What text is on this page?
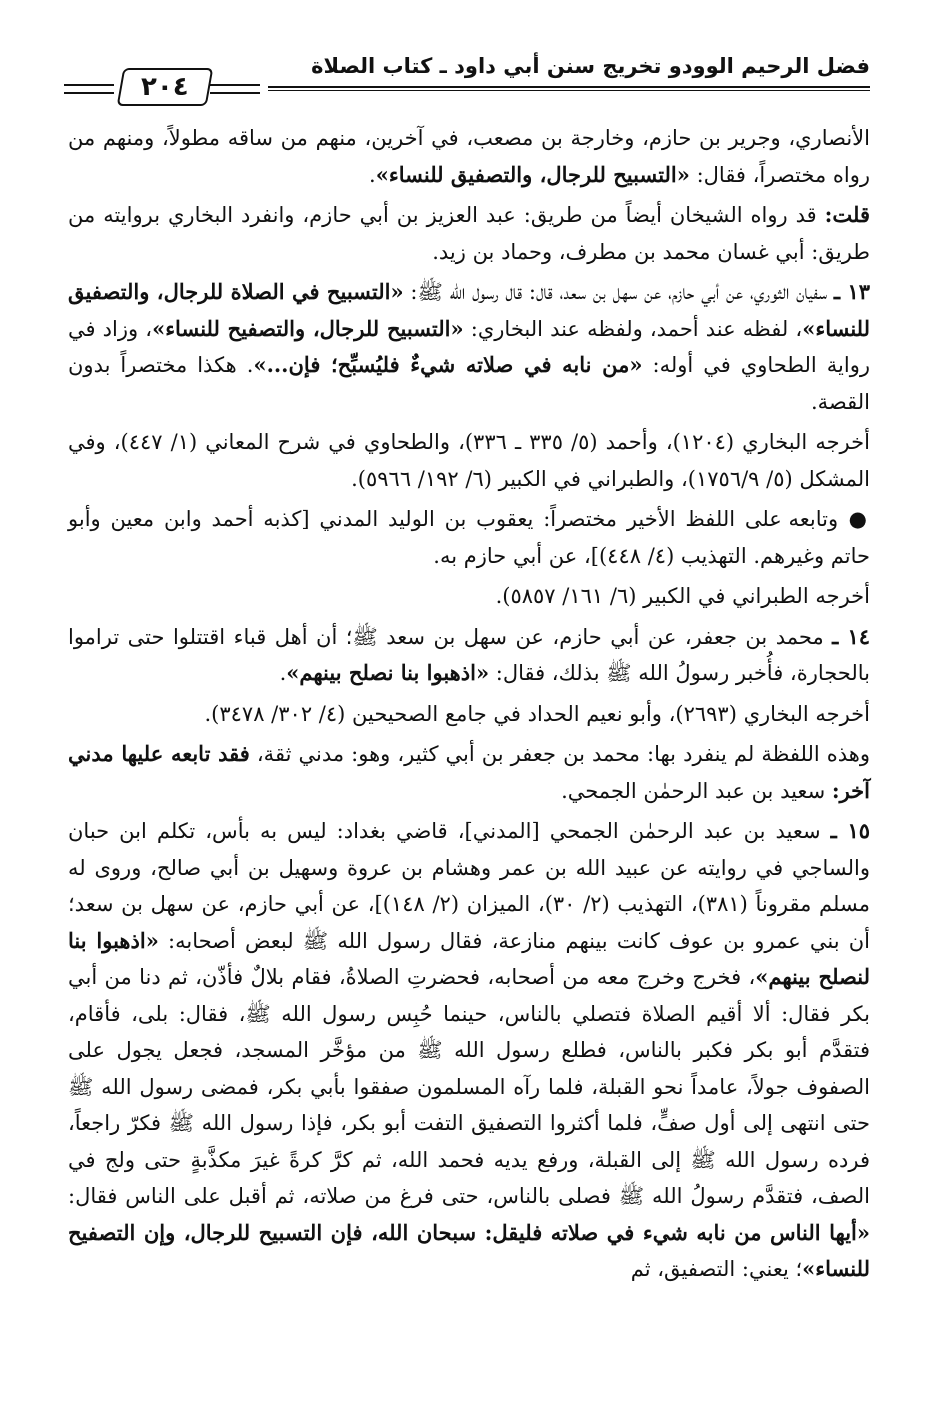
فضل الرحيم الوودو تخريج سنن أبي داود ـ كتاب الصلاة
٢٠٤

الأنصاري، وجرير بن حازم، وخارجة بن مصعب، في آخرين، منهم من ساقه مطولاً، ومنهم من رواه مختصراً، فقال: «التسبيح للرجال، والتصفيق للنساء».

قلت: قد رواه الشيخان أيضاً من طريق: عبد العزيز بن أبي حازم، وانفرد البخاري بروايته من طريق: أبي غسان محمد بن مطرف، وحماد بن زيد.

١٣ ـ سفيان الثوري، عن أبي حازم، عن سهل بن سعد، قال: قال رسول الله ﷺ: «التسبيح في الصلاة للرجال، والتصفيق للنساء»، لفظه عند أحمد، ولفظه عند البخاري: «التسبيح للرجال، والتصفيح للنساء»، وزاد في رواية الطحاوي في أوله: «من نابه في صلاته شيءٌ فليُسبِّح؛ فإن...». هكذا مختصراً بدون القصة.

أخرجه البخاري (١٢٠٤)، وأحمد (٥/ ٣٣٥ ـ ٣٣٦)، والطحاوي في شرح المعاني (١/ ٤٤٧)، وفي المشكل (٥/ ١٧٥٦/٩)، والطبراني في الكبير (٦/ ١٩٢/ ٥٩٦٦).

● وتابعه على اللفظ الأخير مختصراً: يعقوب بن الوليد المدني [كذبه أحمد وابن معين وأبو حاتم وغيرهم. التهذيب (٤/ ٤٤٨)]، عن أبي حازم به.

أخرجه الطبراني في الكبير (٦/ ١٦١/ ٥٨٥٧).

١٤ ـ محمد بن جعفر، عن أبي حازم، عن سهل بن سعد ﷺ؛ أن أهل قباء اقتتلوا حتى تراموا بالحجارة، فأُخبر رسولُ الله ﷺ بذلك، فقال: «اذهبوا بنا نصلح بينهم».

أخرجه البخاري (٢٦٩٣)، وأبو نعيم الحداد في جامع الصحيحين (٤/ ٣٠٢/ ٣٤٧٨).

وهذه اللفظة لم ينفرد بها: محمد بن جعفر بن أبي كثير، وهو: مدني ثقة، فقد تابعه عليها مدني آخر: سعيد بن عبد الرحمٰن الجمحي.

١٥ ـ سعيد بن عبد الرحمٰن الجمحي [المدني]، قاضي بغداد: ليس به بأس، تكلم ابن حبان والساجي في روايته عن عبيد الله بن عمر وهشام بن عروة وسهيل بن أبي صالح، وروى له مسلم مقروناً (٣٨١)، التهذيب (٢/ ٣٠)، الميزان (٢/ ١٤٨)]، عن أبي حازم، عن سهل بن سعد؛ أن بني عمرو بن عوف كانت بينهم منازعة، فقال رسول الله ﷺ لبعض أصحابه: «اذهبوا بنا لنصلح بينهم»، فخرج وخرج معه من أصحابه، فحضرتِ الصلاةُ، فقام بلالٌ فأذّن، ثم دنا من أبي بكر فقال: ألا أقيم الصلاة فتصلي بالناس، حينما حُبِس رسول الله ﷺ، فقال: بلى، فأقام، فتقدَّم أبو بكر فكبر بالناس، فطلع رسول الله ﷺ من مؤخَّر المسجد، فجعل يجول على الصفوف جولاً، عامداً نحو القبلة، فلما رآه المسلمون صفقوا بأبي بكر، فمضى رسول الله ﷺ حتى انتهى إلى أول صفٍّ، فلما أكثروا التصفيق التفت أبو بكر، فإذا رسول الله ﷺ فكرّ راجعاً، فرده رسول الله ﷺ إلى القبلة، ورفع يديه فحمد الله، ثم كرَّ كرةً غيرَ مكذَّبةٍ حتى ولج في الصف، فتقدَّم رسولُ الله ﷺ فصلى بالناس، حتى فرغ من صلاته، ثم أقبل على الناس فقال: «أيها الناس من نابه شيء في صلاته فليقل: سبحان الله، فإن التسبيح للرجال، وإن التصفيح للنساء»؛ يعني: التصفيق، ثم
